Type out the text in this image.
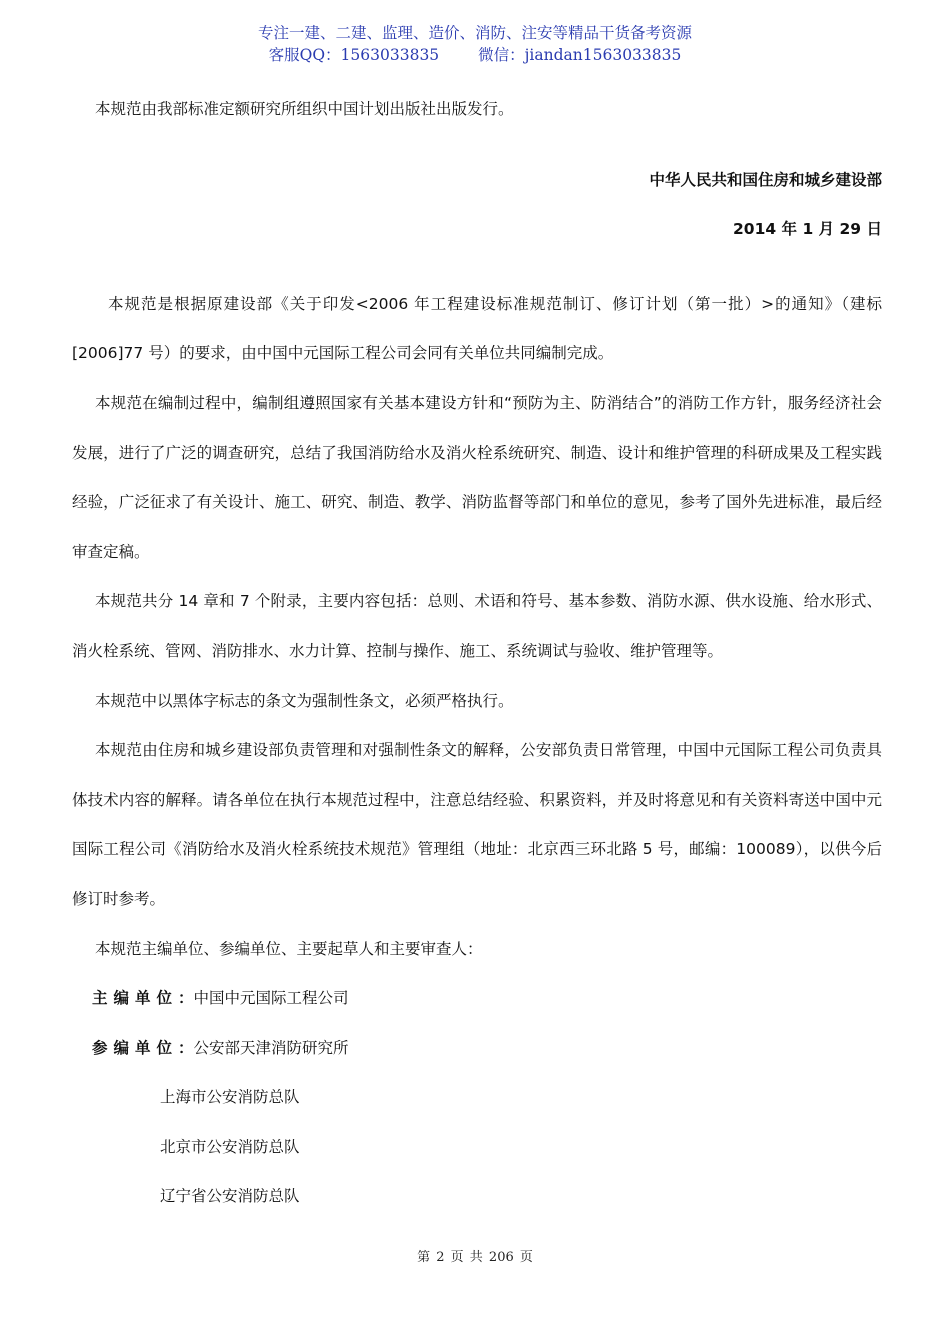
专注一建、二建、监理、造价、消防、注安等精品干货备考资源
客服QQ：1563033835	微信：jiandan1563033835

本规范由我部标准定额研究所组织中国计划出版社出版发行。

中华人民共和国住房和城乡建设部

2014 年 1 月 29 日

本规范是根据原建设部《关于印发<2006 年工程建设标准规范制订、修订计划（第一批）>的通知》（建标[2006]77 号）的要求，由中国中元国际工程公司会同有关单位共同编制完成。

本规范在编制过程中，编制组遵照国家有关基本建设方针和“预防为主、防消结合”的消防工作方针，服务经济社会发展，进行了广泛的调查研究，总结了我国消防给水及消火栓系统研究、制造、设计和维护管理的科研成果及工程实践经验，广泛征求了有关设计、施工、研究、制造、教学、消防监督等部门和单位的意见，参考了国外先进标准，最后经审查定稿。

本规范共分 14 章和 7 个附录，主要内容包括：总则、术语和符号、基本参数、消防水源、供水设施、给水形式、消火栓系统、管网、消防排水、水力计算、控制与操作、施工、系统调试与验收、维护管理等。

本规范中以黑体字标志的条文为强制性条文，必须严格执行。

本规范由住房和城乡建设部负责管理和对强制性条文的解释，公安部负责日常管理，中国中元国际工程公司负责具体技术内容的解释。请各单位在执行本规范过程中，注意总结经验、积累资料，并及时将意见和有关资料寄送中国中元国际工程公司《消防给水及消火栓系统技术规范》管理组（地址：北京西三环北路 5 号，邮编：100089），以供今后修订时参考。

本规范主编单位、参编单位、主要起草人和主要审查人：

主编单位：中国中元国际工程公司

参编单位：公安部天津消防研究所

上海市公安消防总队

北京市公安消防总队

辽宁省公安消防总队

第 2 页 共 206 页
